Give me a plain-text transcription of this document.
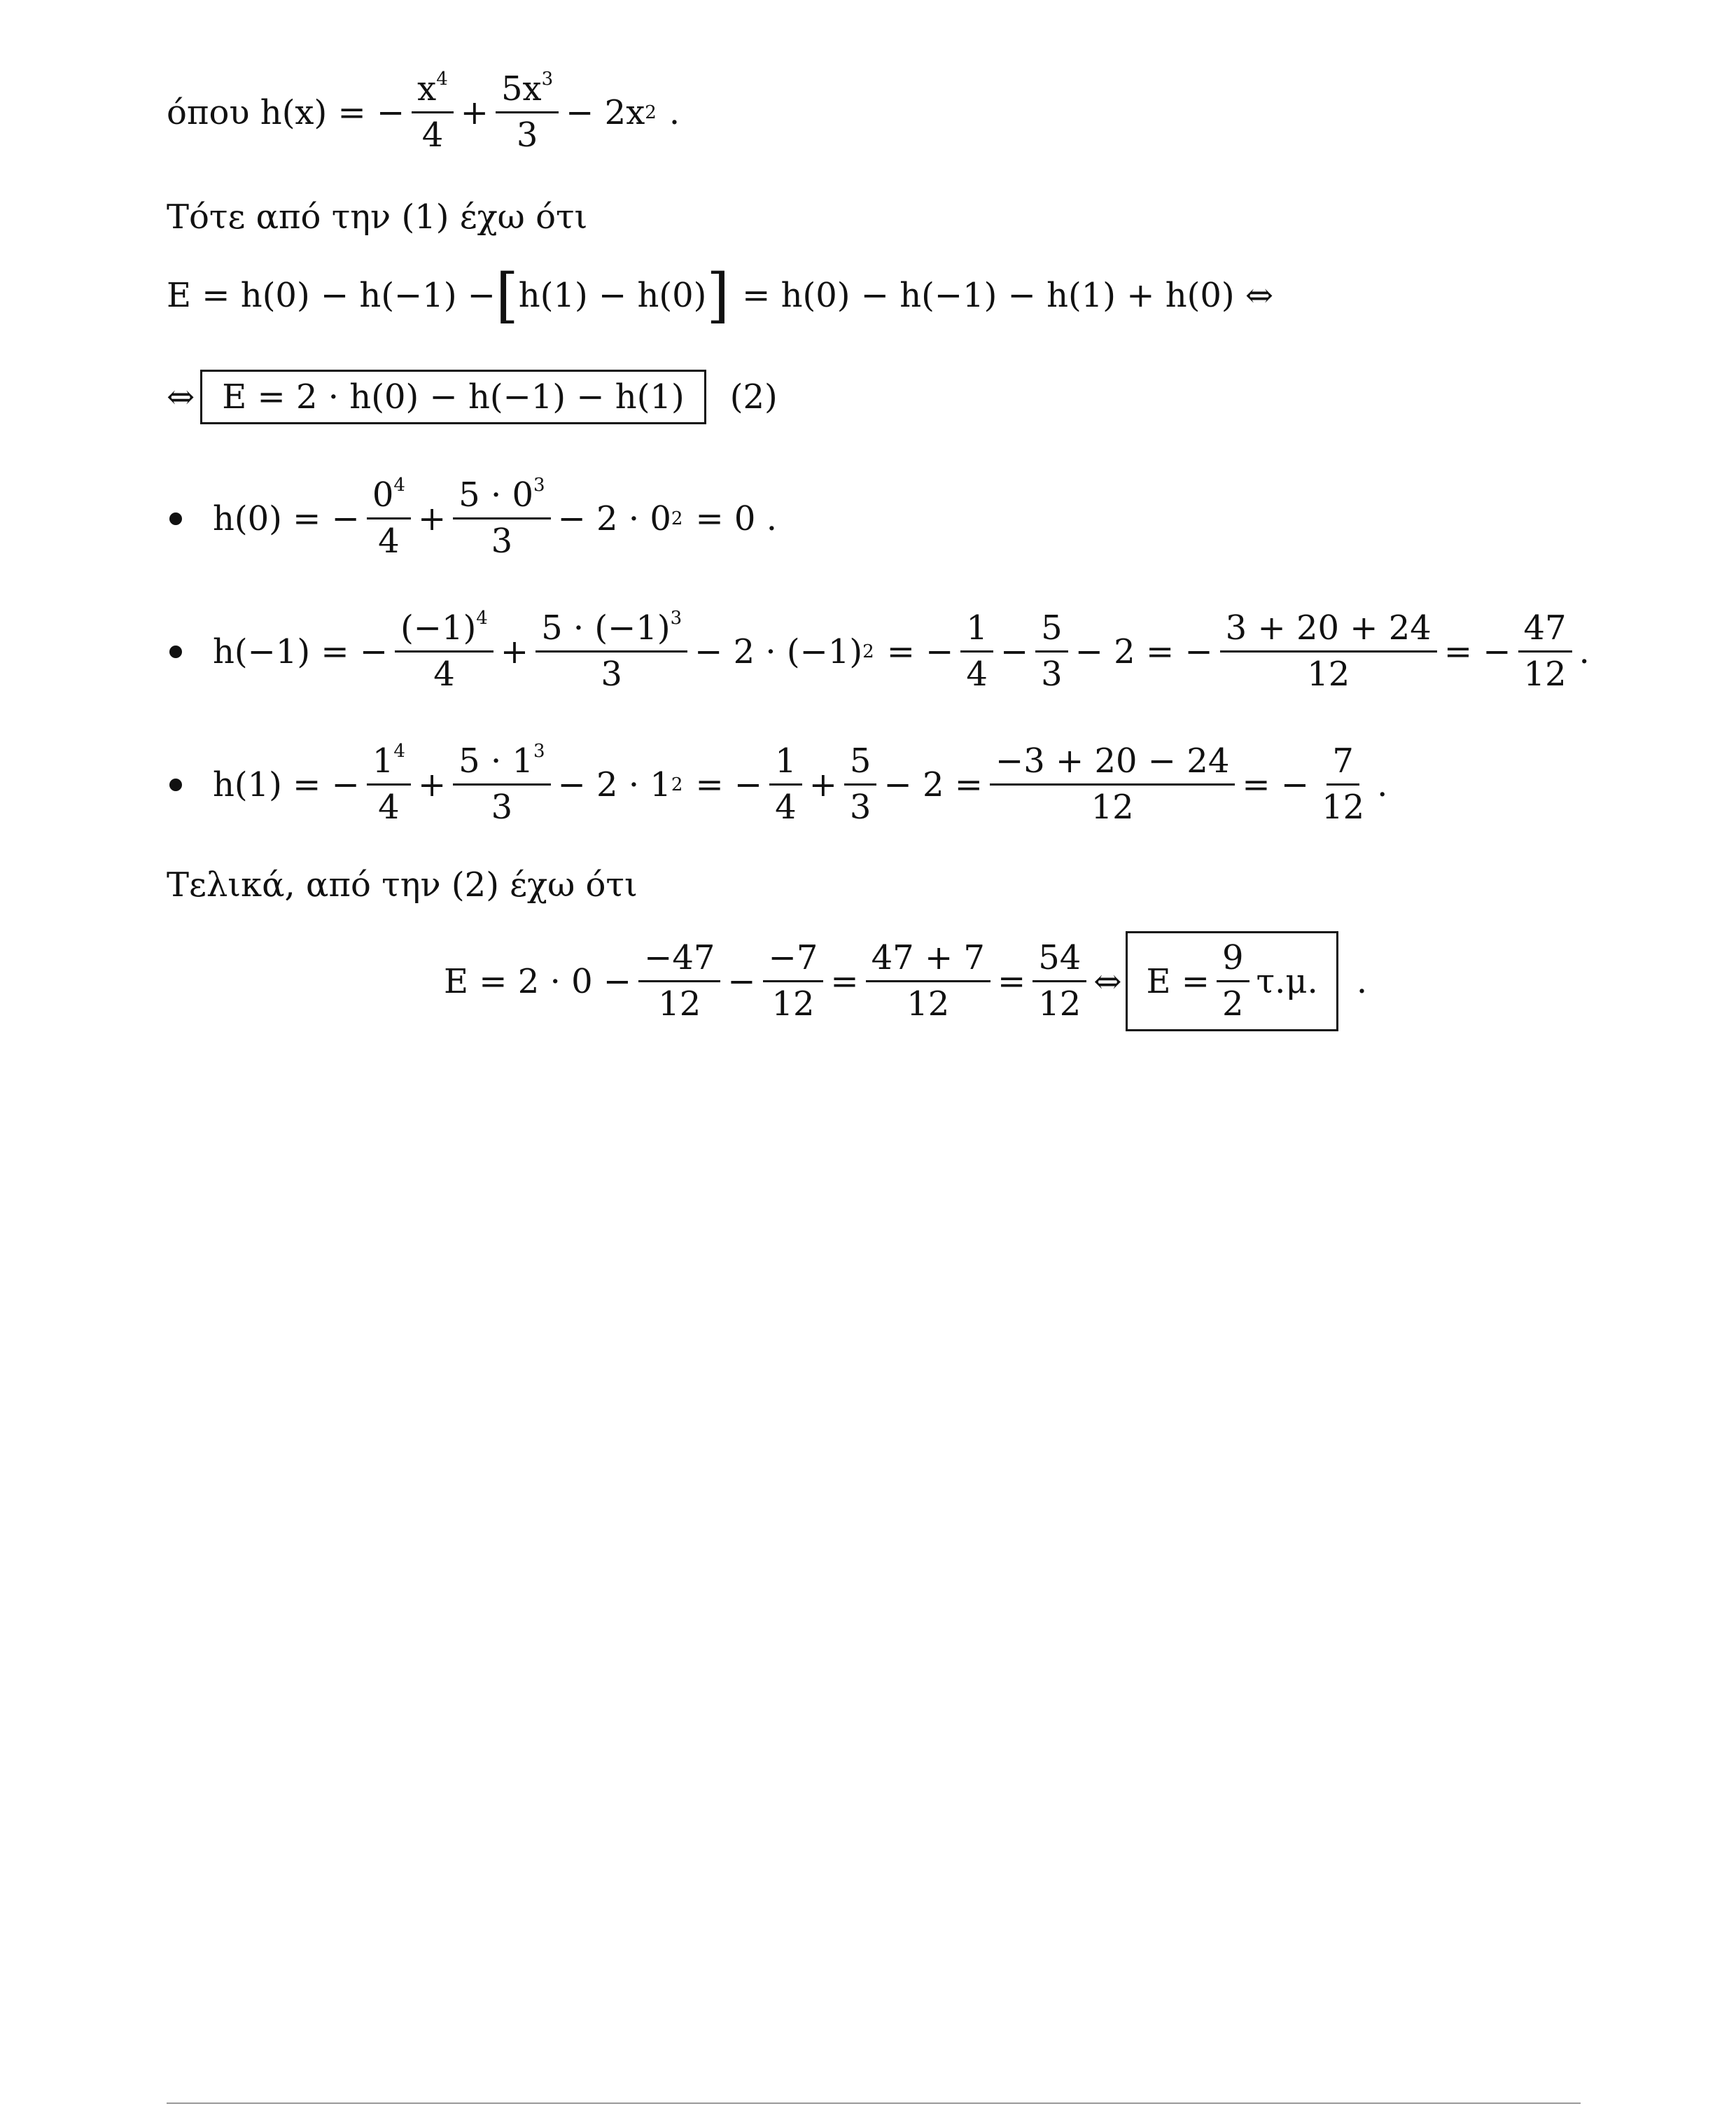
όπου h(x) = − $\frac{x^4}{4} + \frac{5x^3}{3} - 2x$ 2 .
Τότε από την (1) έχω ότι
E = h(0) − h(−1) − [ h(1) − h(0) ] = h(0) − h(−1) − h(1) + h(0) ⇔
⇔ E = 2 · h(0) − h(−1) − h(1) (2)
h(0) = − $\frac{0^4}{4} + \frac{5 \cdot 0^3}{3} - 2 \cdot 0$ 2 = 0 .
h(−1) = − $\frac{(-1)^4}{4} + \frac{5 \cdot (-1)^3}{3} - 2 \cdot (-1) 2$ = − $\frac{1}{4} - \frac{5}{3} - 2$ = − $\frac{3 + 20 + 24}{12}$ = − $\frac{47}{12}$ .
h(1) = − $\frac{1^4}{4} + \frac{5 \cdot 1^3}{3} - 2 \cdot 1$ 2 = − $\frac{1}{4} + \frac{5}{3} - 2 = \frac{-3 + 20 - 24}{12}$ = − $\frac{7}{12}$ .
Τελικά, από την (2) έχω ότι
$E = 2 \cdot 0 - \frac{-47}{12} - \frac{-7}{12} = \frac{47 + 7}{12} = \frac{54}{12}$ ⇔ $E = \frac{9}{2} \tau.\mu$. .
